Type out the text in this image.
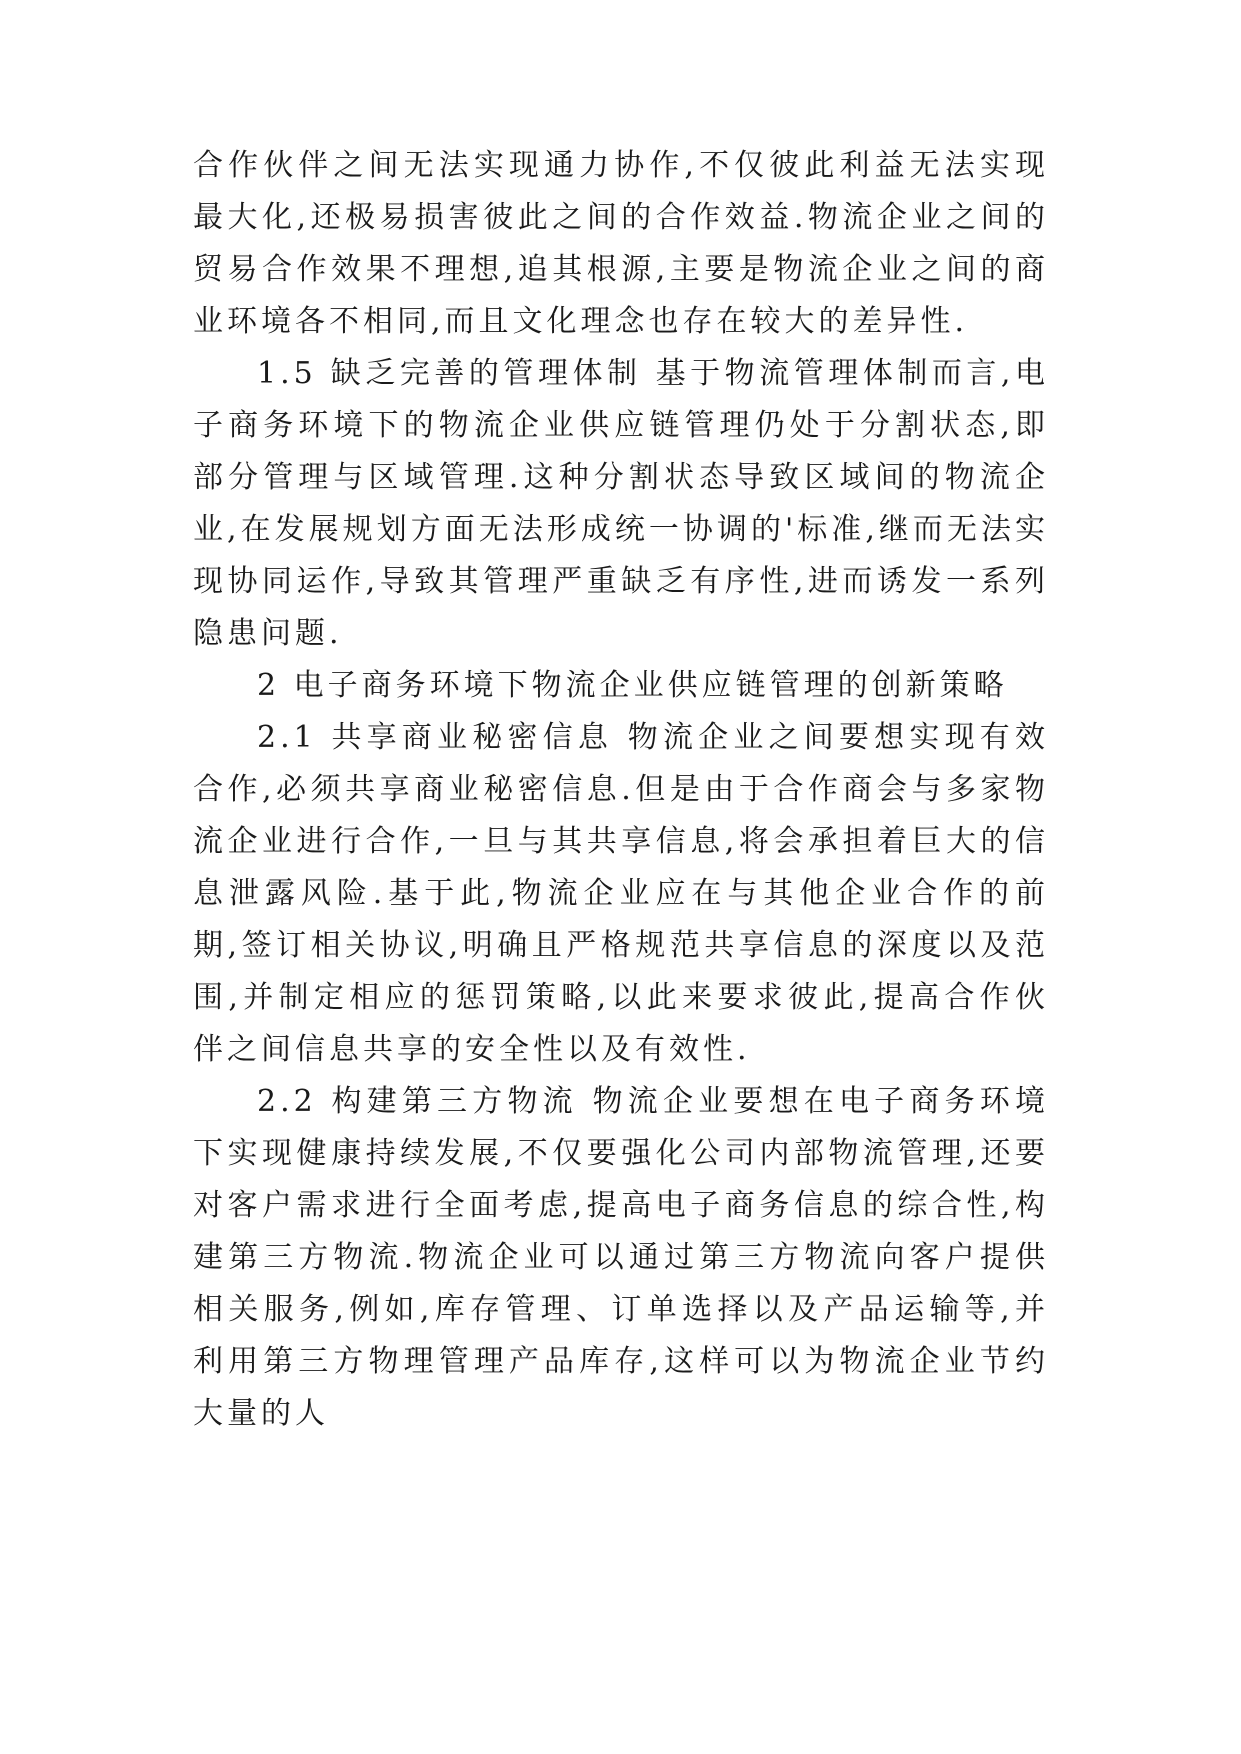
合作伙伴之间无法实现通力协作,不仅彼此利益无法实现最大化,还极易损害彼此之间的合作效益.物流企业之间的贸易合作效果不理想,追其根源,主要是物流企业之间的商业环境各不相同,而且文化理念也存在较大的差异性.

1.5 缺乏完善的管理体制 基于物流管理体制而言,电子商务环境下的物流企业供应链管理仍处于分割状态,即部分管理与区域管理.这种分割状态导致区域间的物流企业,在发展规划方面无法形成统一协调的'标准,继而无法实现协同运作,导致其管理严重缺乏有序性,进而诱发一系列隐患问题.

2 电子商务环境下物流企业供应链管理的创新策略

2.1 共享商业秘密信息 物流企业之间要想实现有效合作,必须共享商业秘密信息.但是由于合作商会与多家物流企业进行合作,一旦与其共享信息,将会承担着巨大的信息泄露风险.基于此,物流企业应在与其他企业合作的前期,签订相关协议,明确且严格规范共享信息的深度以及范围,并制定相应的惩罚策略,以此来要求彼此,提高合作伙伴之间信息共享的安全性以及有效性.

2.2 构建第三方物流 物流企业要想在电子商务环境下实现健康持续发展,不仅要强化公司内部物流管理,还要对客户需求进行全面考虑,提高电子商务信息的综合性,构建第三方物流.物流企业可以通过第三方物流向客户提供相关服务,例如,库存管理、订单选择以及产品运输等,并利用第三方物理管理产品库存,这样可以为物流企业节约大量的人
